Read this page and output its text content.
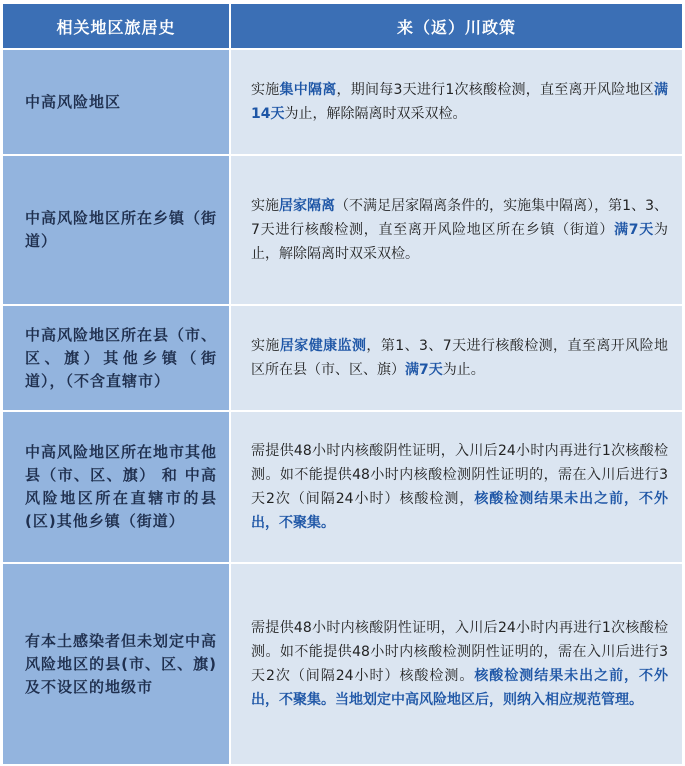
相关地区旅居史	来（返）川政策
中高风险地区
实施集中隔离，期间每3天进行1次核酸检测，直至离开风险地区满14天为止，解除隔离时双采双检。
中高风险地区所在乡镇（街道）
实施居家隔离（不满足居家隔离条件的，实施集中隔离），第1、3、7天进行核酸检测，直至离开风险地区所在乡镇（街道）满7天为止，解除隔离时双采双检。
中高风险地区所在县（市、区、旗）其他乡镇（街道），（不含直辖市）
实施居家健康监测，第1、3、7天进行核酸检测，直至离开风险地区所在县（市、区、旗）满7天为止。
中高风险地区所在地市其他县（市、区、旗） 和 中高风险地区所在直辖市的县(区)其他乡镇（街道）
需提供48小时内核酸阴性证明，入川后24小时内再进行1次核酸检测。如不能提供48小时内核酸检测阴性证明的，需在入川后进行3天2次（间隔24小时）核酸检测，核酸检测结果未出之前，不外出，不聚集。
有本土感染者但未划定中高风险地区的县(市、区、旗)及不设区的地级市
需提供48小时内核酸阴性证明，入川后24小时内再进行1次核酸检测。如不能提供48小时内核酸检测阴性证明的，需在入川后进行3天2次（间隔24小时）核酸检测。核酸检测结果未出之前，不外出，不聚集。当地划定中高风险地区后，则纳入相应规范管理。
